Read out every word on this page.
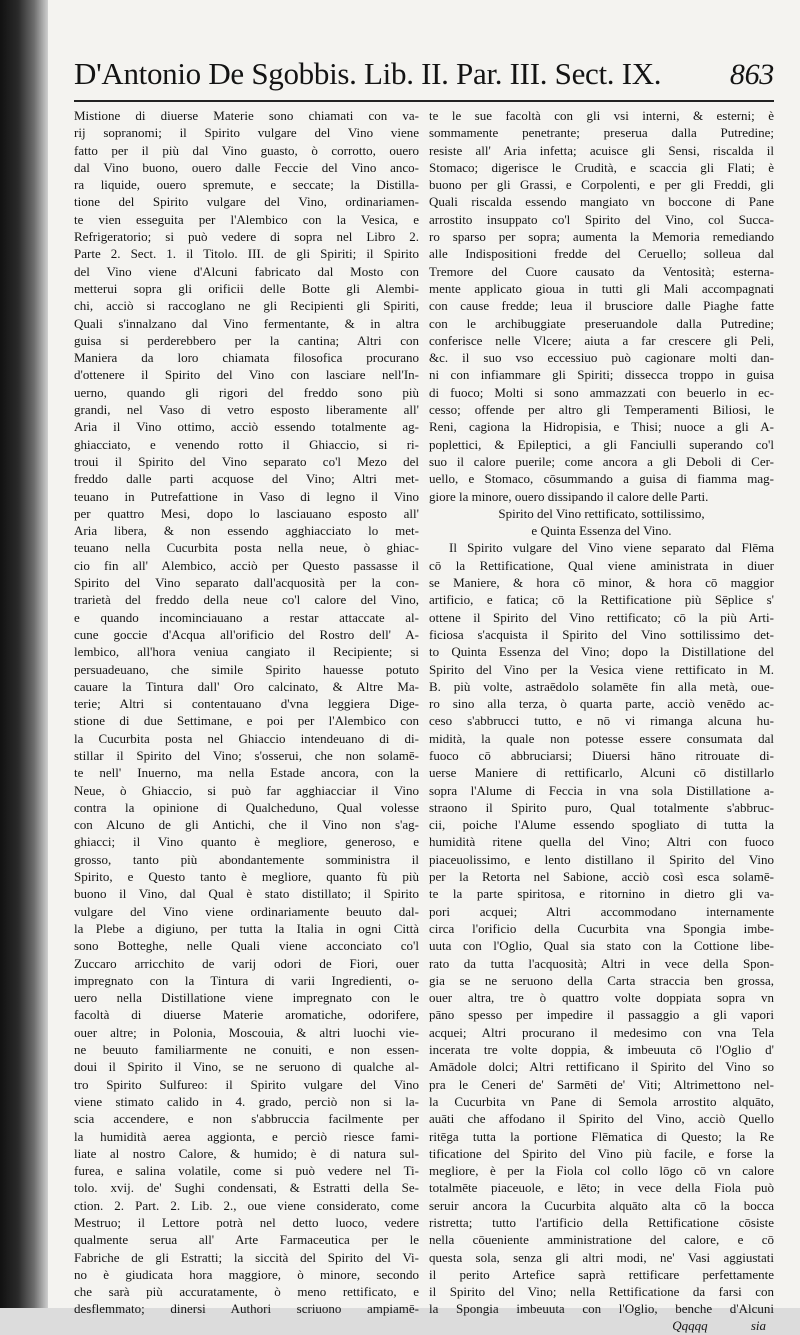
D'Antonio De Sgobbis. Lib. II. Par. III. Sect. IX. 863
Mistione di diuerse Materie sono chiamati con va-
rij sopranomi; il Spirito vulgare del Vino viene
fatto per il più dal Vino guasto, ò corrotto, ouero
dal Vino buono, ouero dalle Feccie del Vino anco-
ra liquide, ouero spremute, e seccate; la Distilla-
tione del Spirito vulgare del Vino, ordinariamen-
te vien esseguita per l'Alembico con la Vesica, e
Refrigeratorio; si può vedere di sopra nel Libro 2.
Parte 2. Sect. 1. il Titolo. III. de gli Spiriti; il Spirito
del Vino viene d'Alcuni fabricato dal Mosto con
metterui sopra gli orificii delle Botte gli Alembi-
chi, acciò si raccoglano ne gli Recipienti gli Spiriti,
Quali s'innalzano dal Vino fermentante, & in altra
guisa si perderebbero per la cantina; Altri con
Maniera da loro chiamata filosofica procurano
d'ottenere il Spirito del Vino con lasciare nell'In-
uerno, quando gli rigori del freddo sono più
grandi, nel Vaso di vetro esposto liberamente all'
Aria il Vino ottimo, acciò essendo totalmente ag-
ghiacciato, e venendo rotto il Ghiaccio, si ri-
troui il Spirito del Vino separato co'l Mezo del
freddo dalle parti acquose del Vino; Altri met-
teuano in Putrefattione in Vaso di legno il Vino
per quattro Mesi, dopo lo lasciauano esposto all'
Aria libera, & non essendo agghiacciato lo met-
teuano nella Cucurbita posta nella neue, ò ghiac-
cio fin all' Alembico, acciò per Questo passasse il
Spirito del Vino separato dall'acquosità per la con-
trarietà del freddo della neue co'l calore del Vino,
e quando incominciauano a restar attaccate al-
cune goccie d'Acqua all'orificio del Rostro dell' A-
lembico, all'hora veniua cangiato il Recipiente; si
persuadeuano, che simile Spirito hauesse potuto
cauare la Tintura dall' Oro calcinato, & Altre Ma-
terie; Altri si contentauano d'vna leggiera Dige-
stione di due Settimane, e poi per l'Alembico con
la Cucurbita posta nel Ghiaccio intendeuano di di-
stillar il Spirito del Vino; s'osserui, che non solamē-
te nell' Inuerno, ma nella Estade ancora, con la
Neue, ò Ghiaccio, si può far agghiacciar il Vino
contra la opinione di Qualcheduno, Qual volesse
con Alcuno de gli Antichi, che il Vino non s'ag-
ghiacci; il Vino quanto è megliore, generoso, e
grosso, tanto più abondantemente somministra il
Spirito, e Questo tanto è megliore, quanto fù più
buono il Vino, dal Qual è stato distillato; il Spirito
vulgare del Vino viene ordinariamente beuuto dal-
la Plebe a digiuno, per tutta la Italia in ogni Città
sono Botteghe, nelle Quali viene acconciato co'l
Zuccaro arricchito de varij odori de Fiori, ouer
impregnato con la Tintura di varii Ingredienti, o-
uero nella Distillatione viene impregnato con le
facoltà di diuerse Materie aromatiche, odorifere,
ouer altre; in Polonia, Moscouia, & altri luochi vie-
ne beuuto familiarmente ne conuiti, e non essen-
doui il Spirito il Vino, se ne seruono di qualche al-
tro Spirito Sulfureo: il Spirito vulgare del Vino
viene stimato calido in 4. grado, perciò non si la-
scia accendere, e non s'abbruccia facilmente per
la humidità aerea aggionta, e perciò riesce fami-
liate al nostro Calore, & humido; è di natura sul-
furea, e salina volatile, come si può vedere nel Ti-
tolo. xvij. de' Sughi condensati, & Estratti della Se-
ction. 2. Part. 2. Lib. 2., oue viene considerato, come
Mestruo; il Lettore potrà nel detto luoco, vedere
qualmente serua all' Arte Farmaceutica per le
Fabriche de gli Estratti; la siccità del Spirito del Vi-
no è giudicata hora maggiore, ò minore, secondo
che sarà più accuratamente, ò meno rettificato, e
desflemmato; dinersi Authori scriuono ampiamē-
te le sue facoltà con gli vsi interni, & esterni; è
sommamente penetrante; preserua dalla Putredine;
resiste all' Aria infetta; acuisce gli Sensi, riscalda il
Stomaco; digerisce le Crudità, e scaccia gli Flati; è
buono per gli Grassi, e Corpolenti, e per gli Freddi, gli
Quali riscalda essendo mangiato vn boccone di Pane
arrostito insuppato co'l Spirito del Vino, col Succa-
ro sparso per sopra; aumenta la Memoria remediando
alle Indispositioni fredde del Ceruello; solleua dal
Tremore del Cuore causato da Ventosità; esterna-
mente applicato gioua in tutti gli Mali accompagnati
con cause fredde; leua il brusciore dalle Piaghe fatte
con le archibuggiate preseruandole dalla Putredine;
conferisce nelle Vlcere; aiuta a far crescere gli Peli,
&c. il suo vso eccessiuo può cagionare molti dan-
ni con infiammare gli Spiriti; dissecca troppo in guisa
di fuoco; Molti si sono ammazzati con beuerlo in ec-
cesso; offende per altro gli Temperamenti Biliosi, le
Reni, cagiona la Hidropisia, e Thisi; nuoce a gli A-
poplettici, & Epileptici, a gli Fanciulli superando co'l
suo il calore puerile; come ancora a gli Deboli di Cer-
uello, e Stomaco, cōsummando a guisa di fiamma mag-
giore la minore, ouero dissipando il calore delle Parti.
Spirito del Vino rettificato, sottilissimo,
e Quinta Essenza del Vino.
Il Spirito vulgare del Vino viene separato dal Flēma
cō la Rettificatione, Qual viene aministrata in diuer
se Maniere, & hora cō minor, & hora cō maggior
artificio, e fatica; cō la Rettificatione più Sēplice s'
ottene il Spirito del Vino rettificato; cō la più Arti-
ficiosa s'acquista il Spirito del Vino sottilissimo det-
to Quinta Essenza del Vino; dopo la Distillatione del
Spirito del Vino per la Vesica viene rettificato in M.
B. più volte, astraēdolo solamēte fin alla metà, oue-
ro sino alla terza, ò quarta parte, acciò venēdo ac-
ceso s'abbrucci tutto, e nō vi rimanga alcuna hu-
midità, la quale non potesse essere consumata dal
fuoco cō abbruciarsi; Diuersi hāno ritrouate di-
uerse Maniere di rettificarlo, Alcuni cō distillarlo
sopra l'Alume di Feccia in vna sola Distillatione a-
straono il Spirito puro, Qual totalmente s'abbruc-
cii, poiche l'Alume essendo spogliato di tutta la
humidità ritene quella del Vino; Altri con fuoco
piaceuolissimo, e lento distillano il Spirito del Vino
per la Retorta nel Sabione, acciò così esca solamē-
te la parte spiritosa, e ritornino in dietro gli va-
pori acquei; Altri accommodano internamente
circa l'orificio della Cucurbita vna Spongia imbe-
uuta con l'Oglio, Qual sia stato con la Cottione libe-
rato da tutta l'acquosità; Altri in vece della Spon-
gia se ne seruono della Carta straccia ben grossa,
ouer altra, tre ò quattro volte doppiata sopra vn
pāno spesso per impedire il passaggio a gli vapori
acquei; Altri procurano il medesimo con vna Tela
incerata tre volte doppia, & imbeuuta cō l'Oglio d'
Amādole dolci; Altri rettificano il Spirito del Vino so
pra le Ceneri de' Sarmēti de' Viti; Altrimettono nel-
la Cucurbita vn Pane di Semola arrostito alquāto,
auāti che affodano il Spirito del Vino, acciò Quello
ritēga tutta la portione Flēmatica di Questo; la Re
tificatione del Spirito del Vino più facile, e forse la
megliore, è per la Fiola col collo lōgo cō vn calore
totalmēte piaceuole, e lēto; in vece della Fiola può
seruir ancora la Cucurbita alquāto alta cō la bocca
ristretta; tutto l'artificio della Rettificatione cōsiste
nella cōueniente amministratione del calore, e cō
questa sola, senza gli altri modi, ne' Vasi aggiustati
il perito Artefice saprà rettificare perfettamente
il Spirito del Vino; nella Rettificatione da farsi con
la Spongia imbeuuta con l'Oglio, benche d'Alcuni
Qqqqq	sia
